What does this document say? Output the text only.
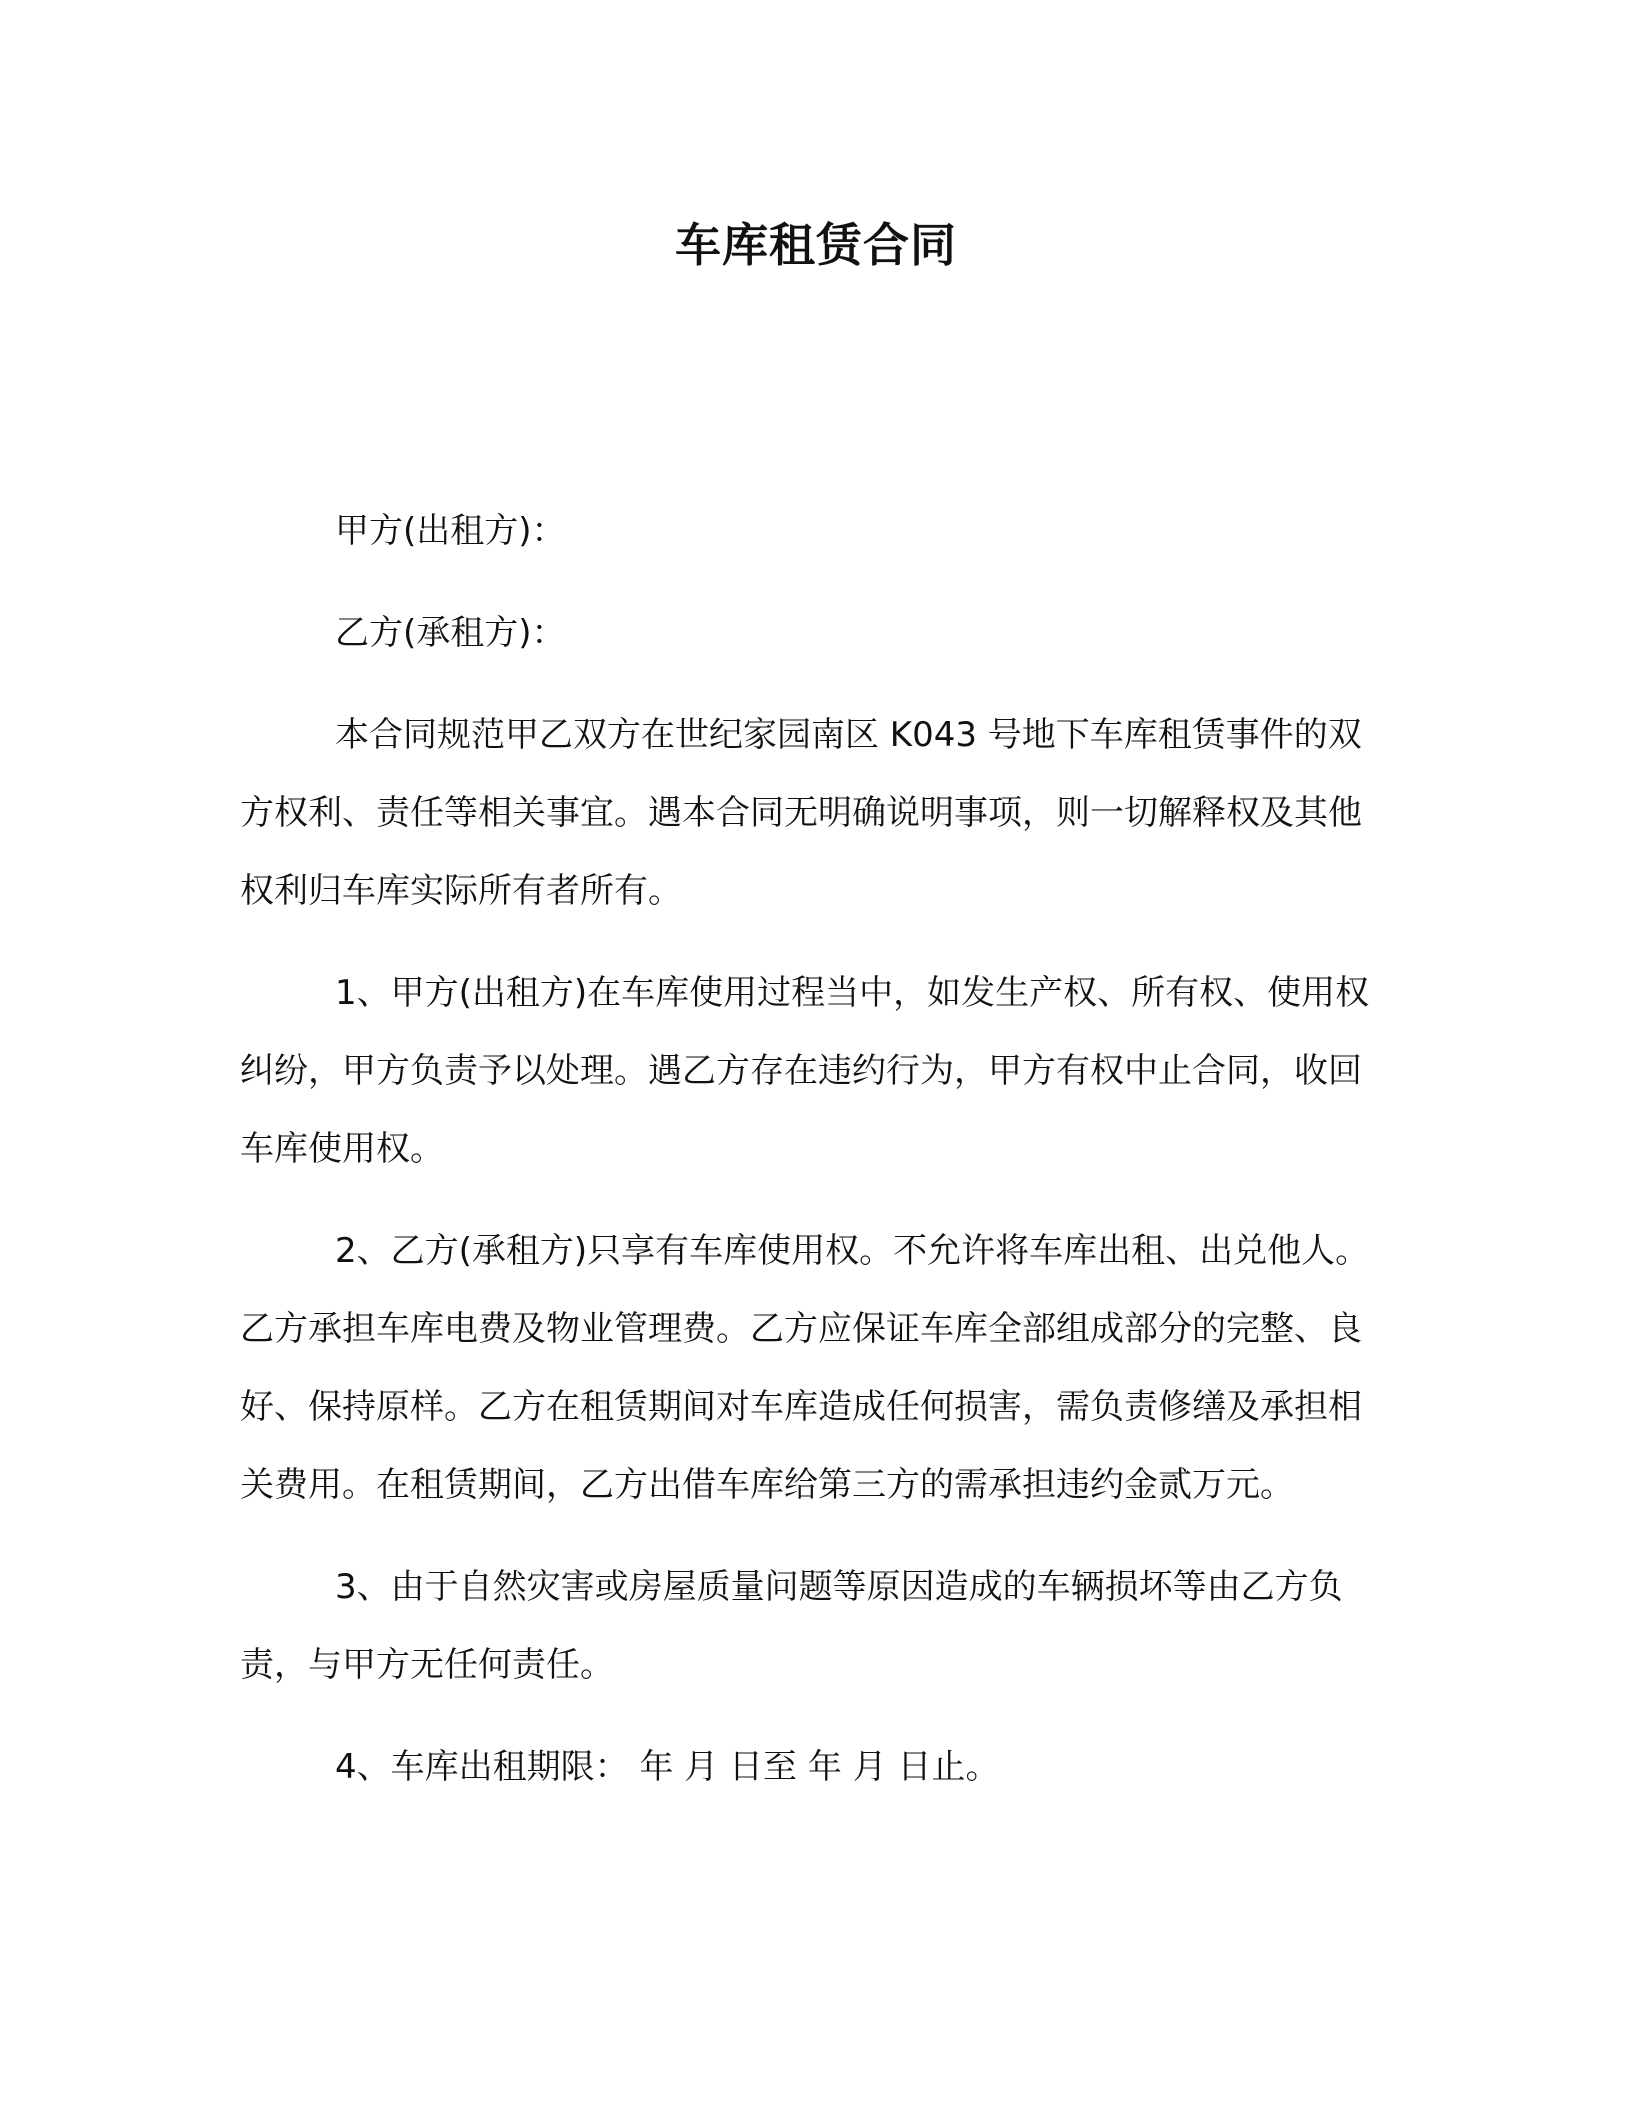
车库租赁合同

甲方(出租方)：

乙方(承租方)：

本合同规范甲乙双方在世纪家园南区 K043 号地下车库租赁事件的双方权利、责任等相关事宜。遇本合同无明确说明事项，则一切解释权及其他权利归车库实际所有者所有。

1、甲方(出租方)在车库使用过程当中，如发生产权、所有权、使用权纠纷，甲方负责予以处理。遇乙方存在违约行为，甲方有权中止合同，收回车库使用权。

2、乙方(承租方)只享有车库使用权。不允许将车库出租、出兑他人。乙方承担车库电费及物业管理费。乙方应保证车库全部组成部分的完整、良好、保持原样。乙方在租赁期间对车库造成任何损害，需负责修缮及承担相关费用。在租赁期间，乙方出借车库给第三方的需承担违约金贰万元。

3、由于自然灾害或房屋质量问题等原因造成的车辆损坏等由乙方负责，与甲方无任何责任。

4、车库出租期限： 年 月 日至 年 月 日止。
